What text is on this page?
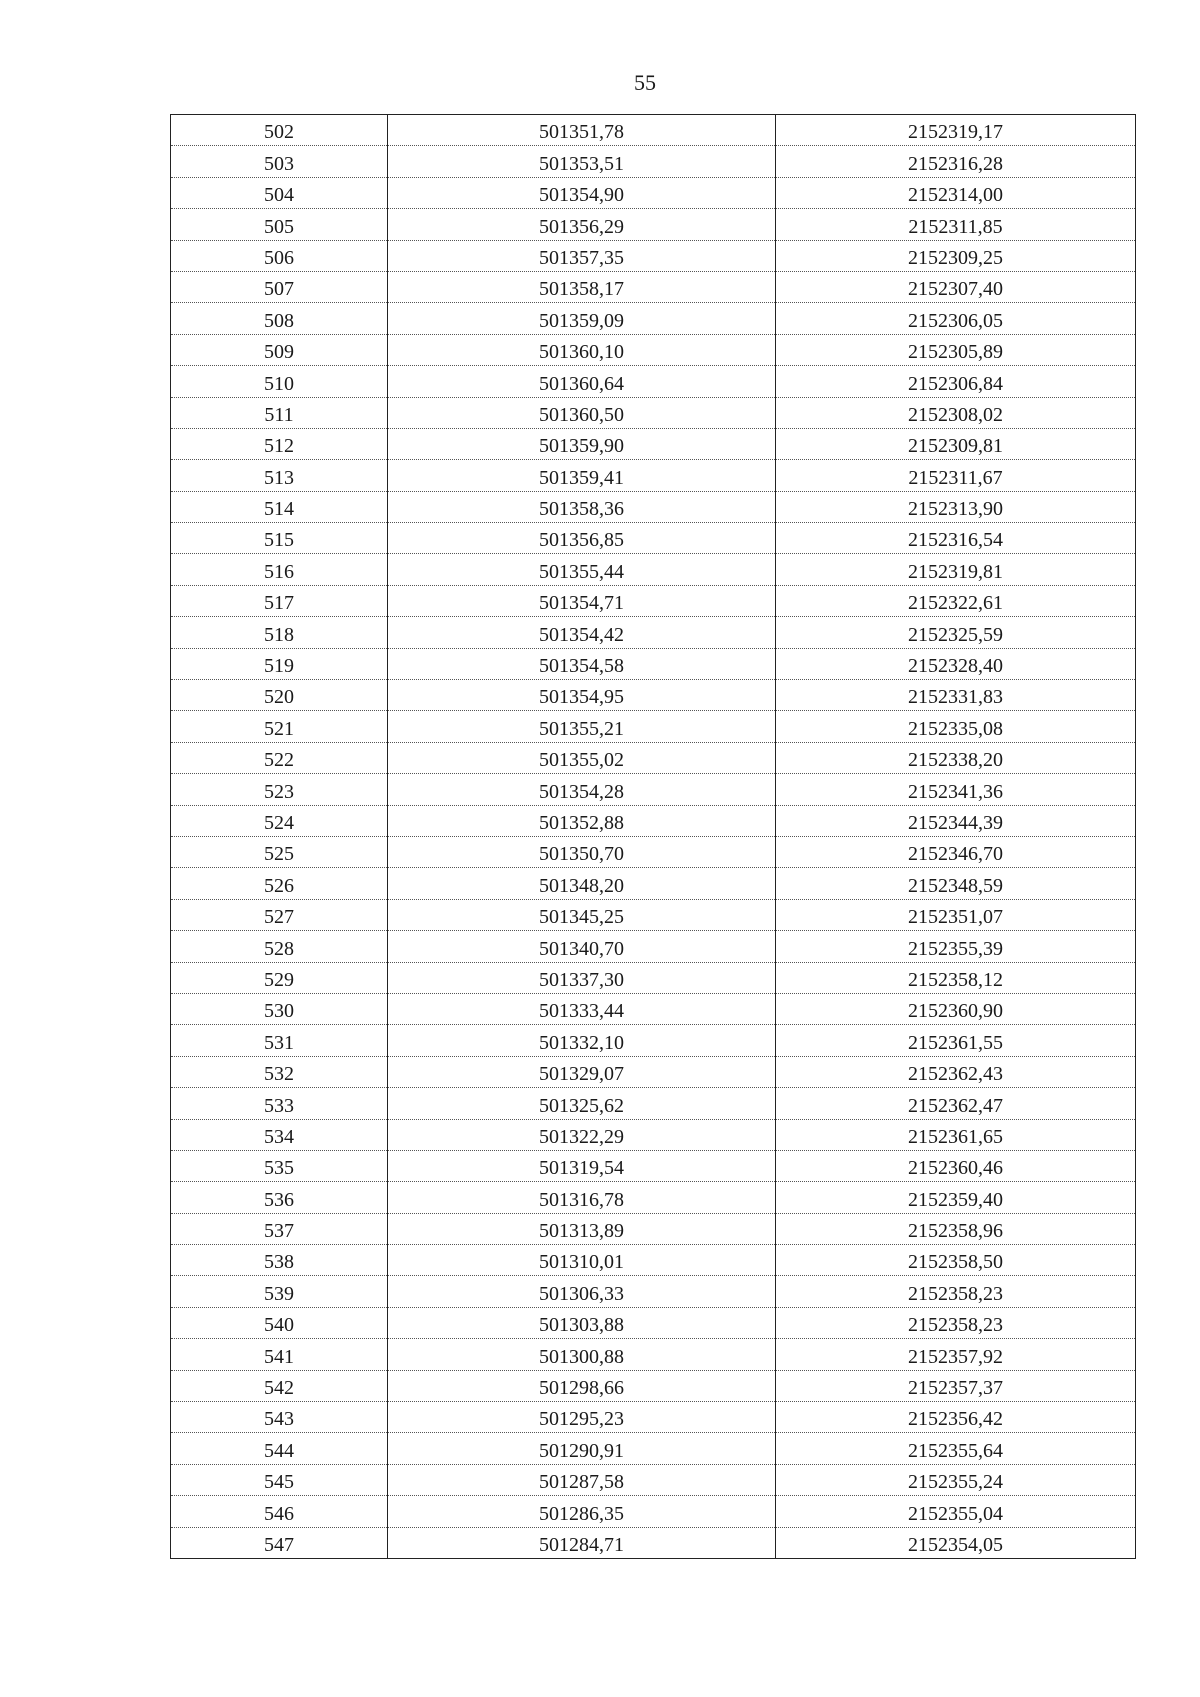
55
502	501351,78	2152319,17
503	501353,51	2152316,28
504	501354,90	2152314,00
505	501356,29	2152311,85
506	501357,35	2152309,25
507	501358,17	2152307,40
508	501359,09	2152306,05
509	501360,10	2152305,89
510	501360,64	2152306,84
511	501360,50	2152308,02
512	501359,90	2152309,81
513	501359,41	2152311,67
514	501358,36	2152313,90
515	501356,85	2152316,54
516	501355,44	2152319,81
517	501354,71	2152322,61
518	501354,42	2152325,59
519	501354,58	2152328,40
520	501354,95	2152331,83
521	501355,21	2152335,08
522	501355,02	2152338,20
523	501354,28	2152341,36
524	501352,88	2152344,39
525	501350,70	2152346,70
526	501348,20	2152348,59
527	501345,25	2152351,07
528	501340,70	2152355,39
529	501337,30	2152358,12
530	501333,44	2152360,90
531	501332,10	2152361,55
532	501329,07	2152362,43
533	501325,62	2152362,47
534	501322,29	2152361,65
535	501319,54	2152360,46
536	501316,78	2152359,40
537	501313,89	2152358,96
538	501310,01	2152358,50
539	501306,33	2152358,23
540	501303,88	2152358,23
541	501300,88	2152357,92
542	501298,66	2152357,37
543	501295,23	2152356,42
544	501290,91	2152355,64
545	501287,58	2152355,24
546	501286,35	2152355,04
547	501284,71	2152354,05
